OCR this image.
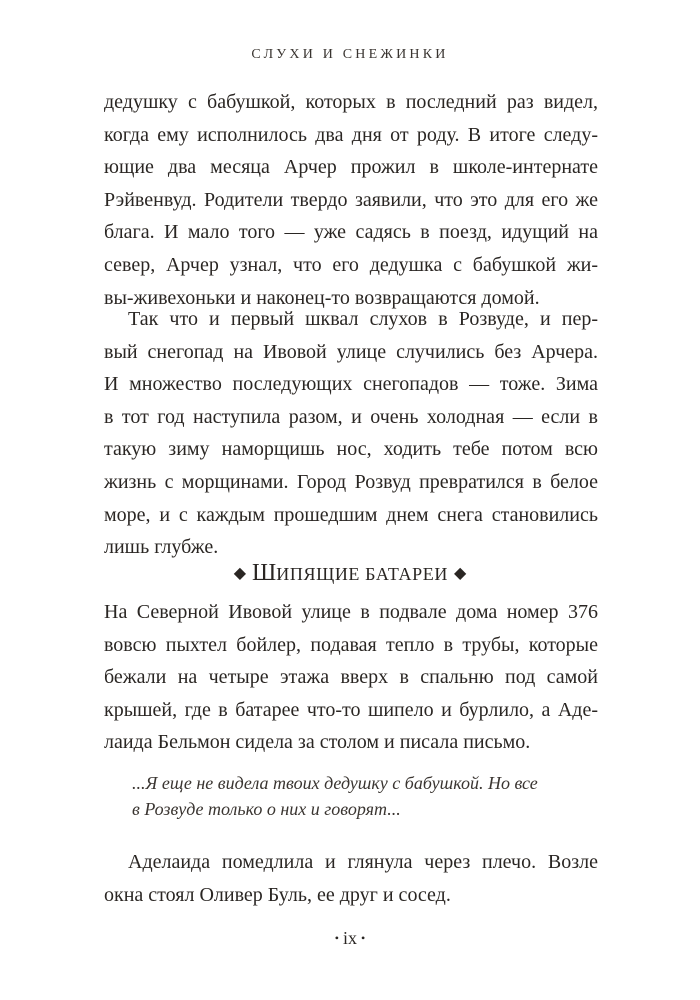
СЛУХИ И СНЕЖИНКИ

дедушку с бабушкой, которых в последний раз видел,

когда ему исполнилось два дня от роду. В итоге следу-

ющие два месяца Арчер прожил в школе-интернате

Рэйвенвуд. Родители твердо заявили, что это для его же

блага. И мало того — уже садясь в поезд, идущий на

север, Арчер узнал, что его дедушка с бабушкой жи-

вы-живехоньки и наконец-то возвращаются домой.

Так что и первый шквал слухов в Розвуде, и пер-

вый снегопад на Ивовой улице случились без Арчера.

И множество последующих снегопадов — тоже. Зима

в тот год наступила разом, и очень холодная — если в

такую зиму наморщишь нос, ходить тебе потом всю

жизнь с морщинами. Город Розвуд превратился в белое

море, и с каждым прошедшим днем снега становились

лишь глубже.

◆ ШИПЯЩИЕ БАТАРЕИ ◆

На Северной Ивовой улице в подвале дома номер 376

вовсю пыхтел бойлер, подавая тепло в трубы, которые

бежали на четыре этажа вверх в спальню под самой

крышей, где в батарее что-то шипело и бурлило, а Аде-

лаида Бельмон сидела за столом и писала письмо.

...Я еще не видела твоих дедушку с бабушкой. Но все

в Розвуде только о них и говорят...

Аделаида помедлила и глянула через плечо. Возле

окна стоял Оливер Буль, ее друг и сосед.

• ix •
